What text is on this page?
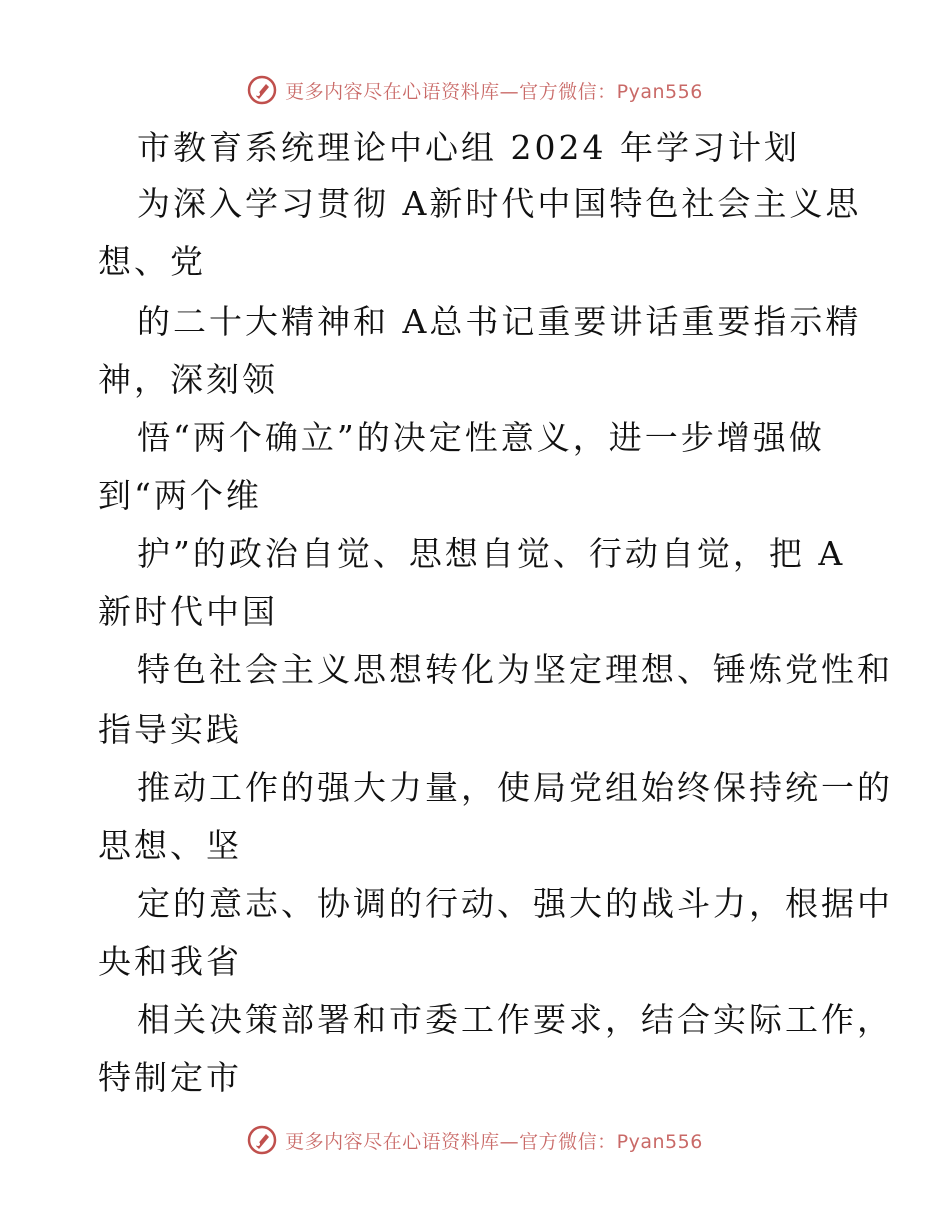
更多内容尽在心语资料库—官方微信：Pyan556
市教育系统理论中心组 2024 年学习计划
为深入学习贯彻 A新时代中国特色社会主义思
想、党
的二十大精神和 A总书记重要讲话重要指示精
神，深刻领
悟“两个确立”的决定性意义，进一步增强做
到“两个维
护”的政治自觉、思想自觉、行动自觉，把 A
新时代中国
特色社会主义思想转化为坚定理想、锤炼党性和
指导实践
推动工作的强大力量，使局党组始终保持统一的
思想、坚
定的意志、协调的行动、强大的战斗力，根据中
央和我省
相关决策部署和市委工作要求，结合实际工作，
特制定市
更多内容尽在心语资料库—官方微信：Pyan556
